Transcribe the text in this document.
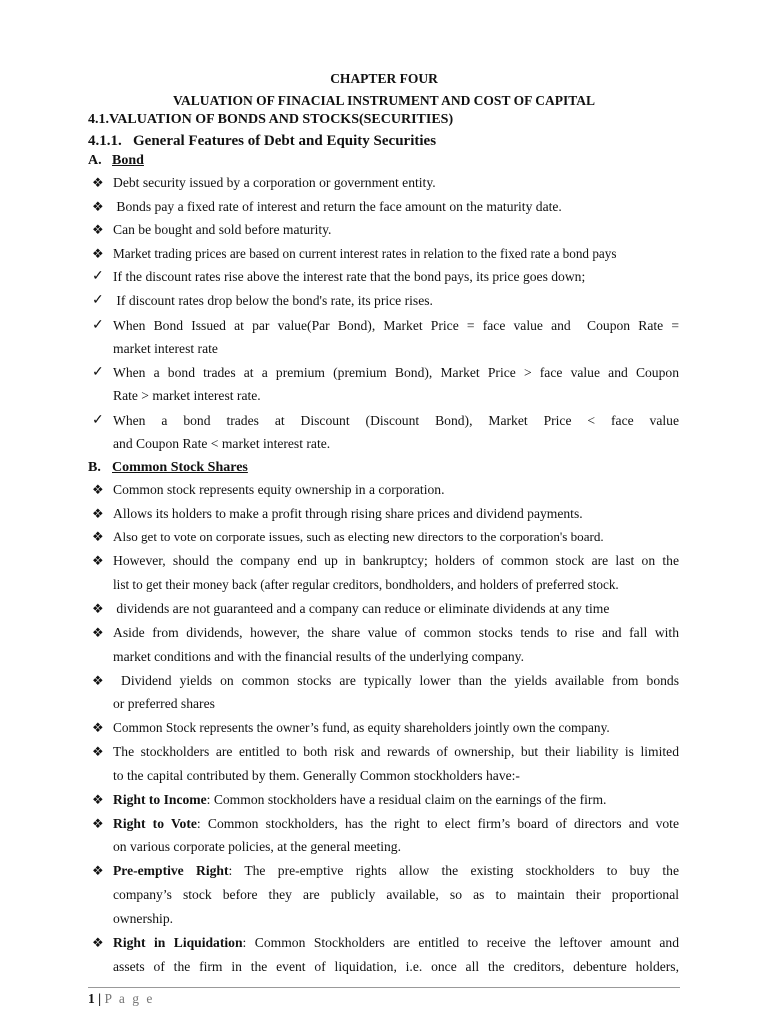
CHAPTER FOUR
VALUATION OF FINACIAL INSTRUMENT AND COST OF CAPITAL
4.1.VALUATION OF BONDS AND STOCKS(SECURITIES)
4.1.1.   General Features of Debt and Equity Securities
A. Bond
❖ Debt security issued by a corporation or government entity.
❖ Bonds pay a fixed rate of interest and return the face amount on the maturity date.
❖ Can be bought and sold before maturity.
❖ Market trading prices are based on current interest rates in relation to the fixed rate a bond pays
✓ If the discount rates rise above the interest rate that the bond pays, its price goes down;
✓ If discount rates drop below the bond's rate, its price rises.
✓ When Bond Issued at par value(Par Bond), Market Price = face value and  Coupon Rate =
market interest rate
✓ When a bond trades at a premium (premium Bond), Market Price > face value and Coupon
Rate > market interest rate.
✓ When a bond trades at Discount (Discount Bond), Market Price < face value
and Coupon Rate < market interest rate.
B. Common Stock Shares
❖ Common stock represents equity ownership in a corporation.
❖ Allows its holders to make a profit through rising share prices and dividend payments.
❖ Also get to vote on corporate issues, such as electing new directors to the corporation's board.
❖ However, should the company end up in bankruptcy; holders of common stock are last on the
list to get their money back (after regular creditors, bondholders, and holders of preferred stock.
❖ dividends are not guaranteed and a company can reduce or eliminate dividends at any time
❖ Aside from dividends, however, the share value of common stocks tends to rise and fall with
market conditions and with the financial results of the underlying company.
❖ Dividend yields on common stocks are typically lower than the yields available from bonds
or preferred shares
❖ Common Stock represents the owner’s fund, as equity shareholders jointly own the company.
❖ The stockholders are entitled to both risk and rewards of ownership, but their liability is limited
to the capital contributed by them. Generally Common stockholders have:-
❖ Right to Income: Common stockholders have a residual claim on the earnings of the firm.
❖ Right to Vote: Common stockholders, has the right to elect firm’s board of directors and vote
on various corporate policies, at the general meeting.
❖ Pre-emptive Right: The pre-emptive rights allow the existing stockholders to buy the
company’s stock before they are publicly available, so as to maintain their proportional
ownership.
❖ Right in Liquidation: Common Stockholders are entitled to receive the leftover amount and
assets of the firm in the event of liquidation, i.e. once all the creditors, debenture holders,
1 | P a g e
